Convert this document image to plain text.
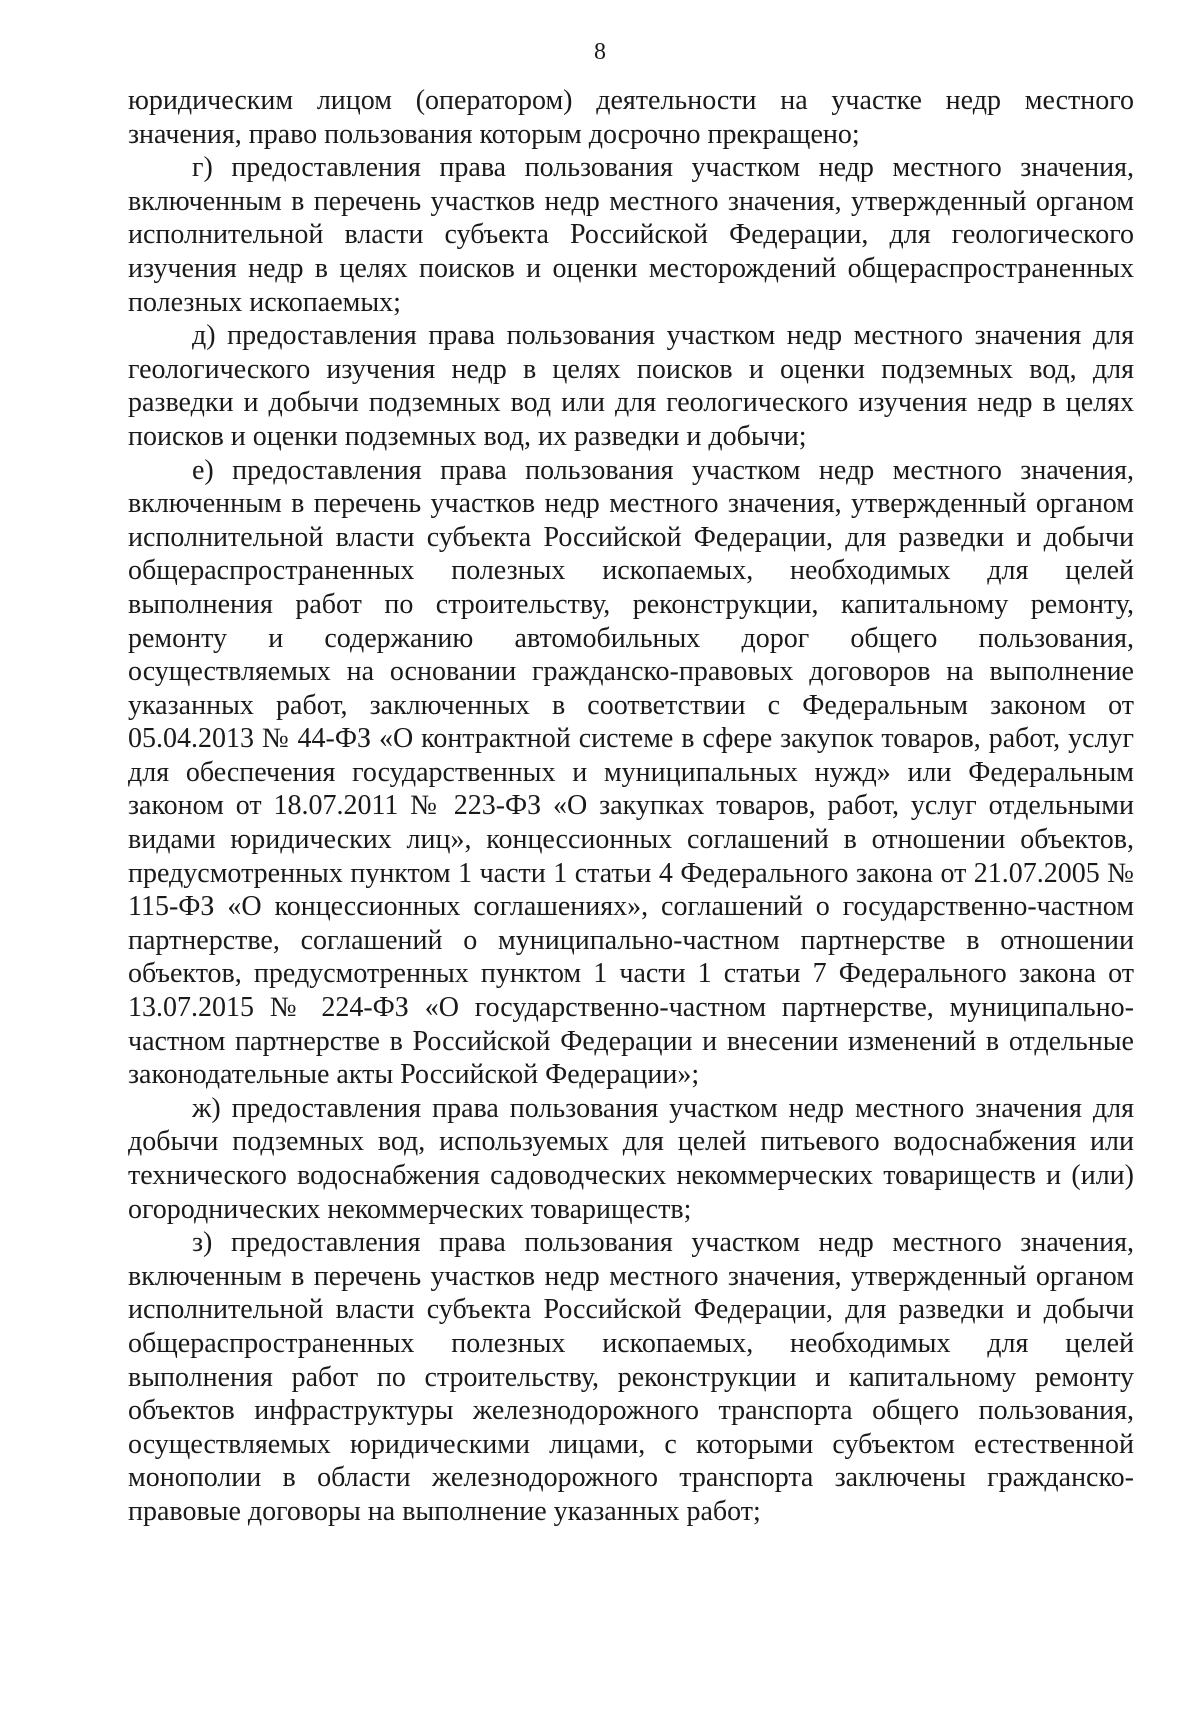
8

юридическим лицом (оператором) деятельности на участке недр местного значения, право пользования которым досрочно прекращено;

г) предоставления права пользования участком недр местного значения, включенным в перечень участков недр местного значения, утвержденный органом исполнительной власти субъекта Российской Федерации, для геологического изучения недр в целях поисков и оценки месторождений общераспространенных полезных ископаемых;

д) предоставления права пользования участком недр местного значения для геологического изучения недр в целях поисков и оценки подземных вод, для разведки и добычи подземных вод или для геологического изучения недр в целях поисков и оценки подземных вод, их разведки и добычи;

е) предоставления права пользования участком недр местного значения, включенным в перечень участков недр местного значения, утвержденный органом исполнительной власти субъекта Российской Федерации, для разведки и добычи общераспространенных полезных ископаемых, необходимых для целей выполнения работ по строительству, реконструкции, капитальному ремонту, ремонту и содержанию автомобильных дорог общего пользования, осуществляемых на основании гражданско-правовых договоров на выполнение указанных работ, заключенных в соответствии с Федеральным законом от 05.04.2013 № 44-ФЗ «О контрактной системе в сфере закупок товаров, работ, услуг для обеспечения государственных и муниципальных нужд» или Федеральным законом от 18.07.2011 № 223-ФЗ «О закупках товаров, работ, услуг отдельными видами юридических лиц», концессионных соглашений в отношении объектов, предусмотренных пунктом 1 части 1 статьи 4 Федерального закона от 21.07.2005 № 115-ФЗ «О концессионных соглашениях», соглашений о государственно-частном партнерстве, соглашений о муниципально-частном партнерстве в отношении объектов, предусмотренных пунктом 1 части 1 статьи 7 Федерального закона от 13.07.2015 № 224-ФЗ «О государственно-частном партнерстве, муниципально-частном партнерстве в Российской Федерации и внесении изменений в отдельные законодательные акты Российской Федерации»;

ж) предоставления права пользования участком недр местного значения для добычи подземных вод, используемых для целей питьевого водоснабжения или технического водоснабжения садоводческих некоммерческих товариществ и (или) огороднических некоммерческих товариществ;

з) предоставления права пользования участком недр местного значения, включенным в перечень участков недр местного значения, утвержденный органом исполнительной власти субъекта Российской Федерации, для разведки и добычи общераспространенных полезных ископаемых, необходимых для целей выполнения работ по строительству, реконструкции и капитальному ремонту объектов инфраструктуры железнодорожного транспорта общего пользования, осуществляемых юридическими лицами, с которыми субъектом естественной монополии в области железнодорожного транспорта заключены гражданско-правовые договоры на выполнение указанных работ;
